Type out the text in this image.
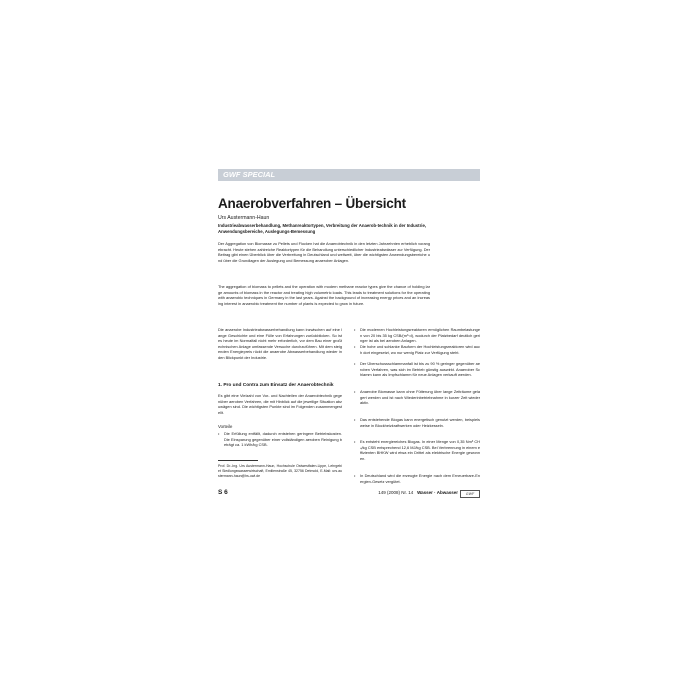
GWF SPECIAL
Anaerobverfahren – Übersicht
Urs Austermann-Haun

Industrieabwasserbehandlung, Methanreaktortypen, Verbreitung der Anaerob-technik in der Industrie, Anwendungsbereiche, Auslegungs-Bemessung

Der Aggregation von Biomasse zu Pellets und Flocken hat die Anaerobtechnik in den letzten Jahrzehnten erheblich vorangebracht. Heute stehen zahlreiche Reaktortypen für die Behandlung unterschiedlicher Industrieabwässer zur Verfügung. Der Beitrag gibt einen Überblick über die Verbreitung in Deutschland und weltweit, über die wichtigsten Anwendungsbereiche und über die Grundlagen der Auslegung und Bemessung anaerober Anlagen.

The aggregation of biomass to pellets and the operation with modern methane reactor types give the chance of holding large amounts of biomass in the reactor and treating high volumetric loads. This leads to treatment solutions for the operating with anaerobic techniques in Germany in the last years. Against the background of increasing energy prices and an increasing interest in anaerobic treatment the number of plants is expected to grow in future.

Die anaerobe Industrieabwasserbehandlung kann inzwischen auf eine lange Geschichte und eine Fülle von Erfahrungen zurückblicken. So ist es heute im Normalfall nicht mehr erforderlich, vor dem Bau einer großtechnischen Anlage umfassende Versuche durchzuführen. Mit dem steigenden Energiepreis rückt die anaerobe Abwasserbehandlung wieder in den Blickpunkt der Industrie.

1. Pro und Contra zum Einsatz der Anaerobtechnik

Es gibt eine Vielzahl von Vor- und Nachteilen der Anaerobtechnik gegenüber aeroben Verfahren, die mit Hinblick auf die jeweilige Situation abzuwägen sind. Die wichtigsten Punkte sind im Folgenden zusammengestellt.

Vorteile
•	Die Erfüllung entfällt, dadurch entstehen geringere Betriebskosten. Die Einsparung gegenüber einer vollständigen aeroben Reinigung beträgt ca. 1 kWh/kg CSB.
•	Die modernen Hochleistungsreaktoren ermöglichen Raumbelastungen von 20 bis 35 kg CSB/(m³·d), wodurch der Platzbedarf deutlich geringer ist als bei aeroben Anlagen.

•	Die hohe und schlanke Bauform der Hochleistungsreaktoren wird auch dort eingesetzt, wo nur wenig Platz zur Verfügung steht.

•	Der Überschussschlammanfall ist bis zu 90 % geringer gegenüber aeroben Verfahren, was sich im Betrieb günstig auswirkt. Anaerober Schlamm kann als Impfschlamm für neue Anlagen verkauft werden.

•	Anaerobe Biomasse kann ohne Fütterung über lange Zeiträume gelagert werden und ist nach Wiederinbetriebnahme in kurzer Zeit wieder aktiv.

•	Das entstehende Biogas kann energetisch genutzt werden, beispielsweise in Blockheizkraftwerken oder Heizkesseln.

•	Es entsteht energiereiches Biogas. In einer Menge von 0,35 Nm³ CH₄/kg CSB entsprechend 12,6 MJ/kg CSB. Bei Verbrennung in einem effizienten BHKW wird etwa ein Drittel als elektrische Energie gewonnen.

•	In Deutschland wird die erzeugte Energie nach dem Erneuerbare-Energien-Gesetz vergütet.

Prof. Dr.-Ing. Urs Austermann-Haun, Hochschule Ostwestfalen-Lippe, Lehrgebiet Siedlungswasserwirtschaft, Emilienstraße 45, 32756 Detmold, E-Mail: urs.austermann-haun@hs-owl.de

S 6	149 (2008) Nr. 14 Wasser · Abwasser	GWF
